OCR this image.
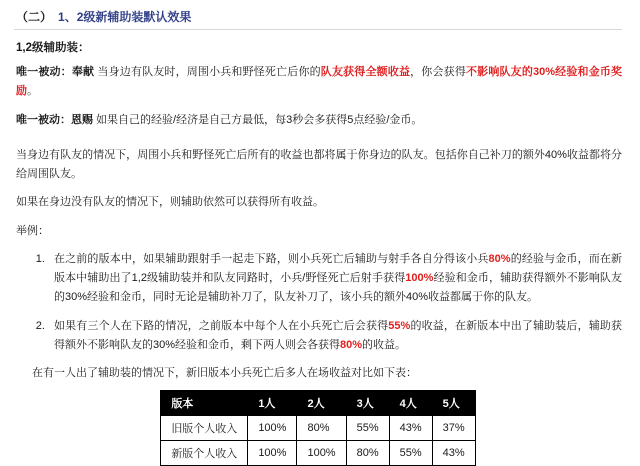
（二） 1、2级新辅助装默认效果
1,2级辅助装：

唯一被动：奉献 当身边有队友时，周围小兵和野怪死亡后你的队友获得全额收益，你会获得不影响队友的30%经验和金币奖励。

唯一被动：恩赐 如果自己的经验/经济是自己方最低，每3秒会多获得5点经验/金币。

当身边有队友的情况下，周围小兵和野怪死亡后所有的收益也都将属于你身边的队友。包括你自己补刀的额外40%收益都将分给周围队友。

如果在身边没有队友的情况下，则辅助依然可以获得所有收益。

举例：

1. 在之前的版本中，如果辅助跟射手一起走下路，则小兵死亡后辅助与射手各自分得该小兵80%的经验与金币，而在新版本中辅助出了1,2级辅助装并和队友同路时，小兵/野怪死亡后射手获得100%经验和金币，辅助获得额外不影响队友的30%经验和金币，同时无论是辅助补刀了，队友补刀了，该小兵的额外40%收益都属于你的队友。
2. 如果有三个人在下路的情况，之前版本中每个人在小兵死亡后会获得55%的收益，在新版本中出了辅助装后，辅助获得额外不影响队友的30%经验和金币，剩下两人则会各获得80%的收益。

在有一人出了辅助装的情况下，新旧版本小兵死亡后多人在场收益对比如下表：

版本	1人	2人	3人	4人	5人
旧版个人收入	100%	80%	55%	43%	37%
新版个人收入	100%	100%	80%	55%	43%
